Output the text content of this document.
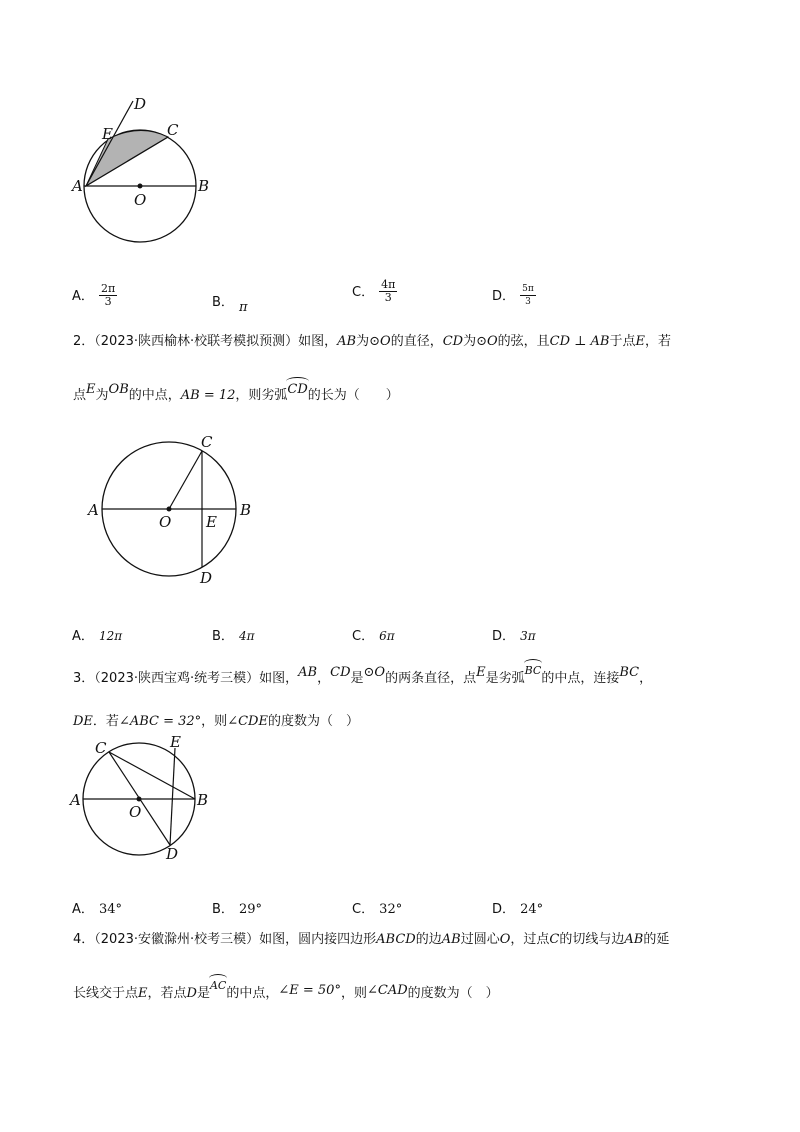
D
E	C
A	B
O
A． $\frac{2\pi}{3}$	B． $_\pi$
C． $\frac{4\pi}{3}$	D． $\frac{5\pi}{3}$
2．（2023·陕西榆林·校联考模拟预测）如图，AB为⊙O的直径，CD为⊙O的弦，且CD ⊥ AB于点E，若
点E为OB的中点，AB = 12，则劣弧CD的长为（　　）
A	B
C
D
O E
A． 12π	B． 4π	C． 6π	D． 3π
3．（2023·陕西宝鸡·统考三模）如图，AB，CD是⊙O的两条直径，点E是劣弧BC的中点，连接BC，
DE．若∠ABC = 32°，则∠CDE的度数为（　）
A	B
C
D
O
E
A． 34°	B． 29°	C． 32°	D． 24°
4．（2023·安徽滁州·校考三模）如图，圆内接四边形ABCD的边AB过圆心O，过点C的切线与边AB的延
长线交于点E，若点D是AC的中点，∠E = 50°，则∠CAD的度数为（　）
